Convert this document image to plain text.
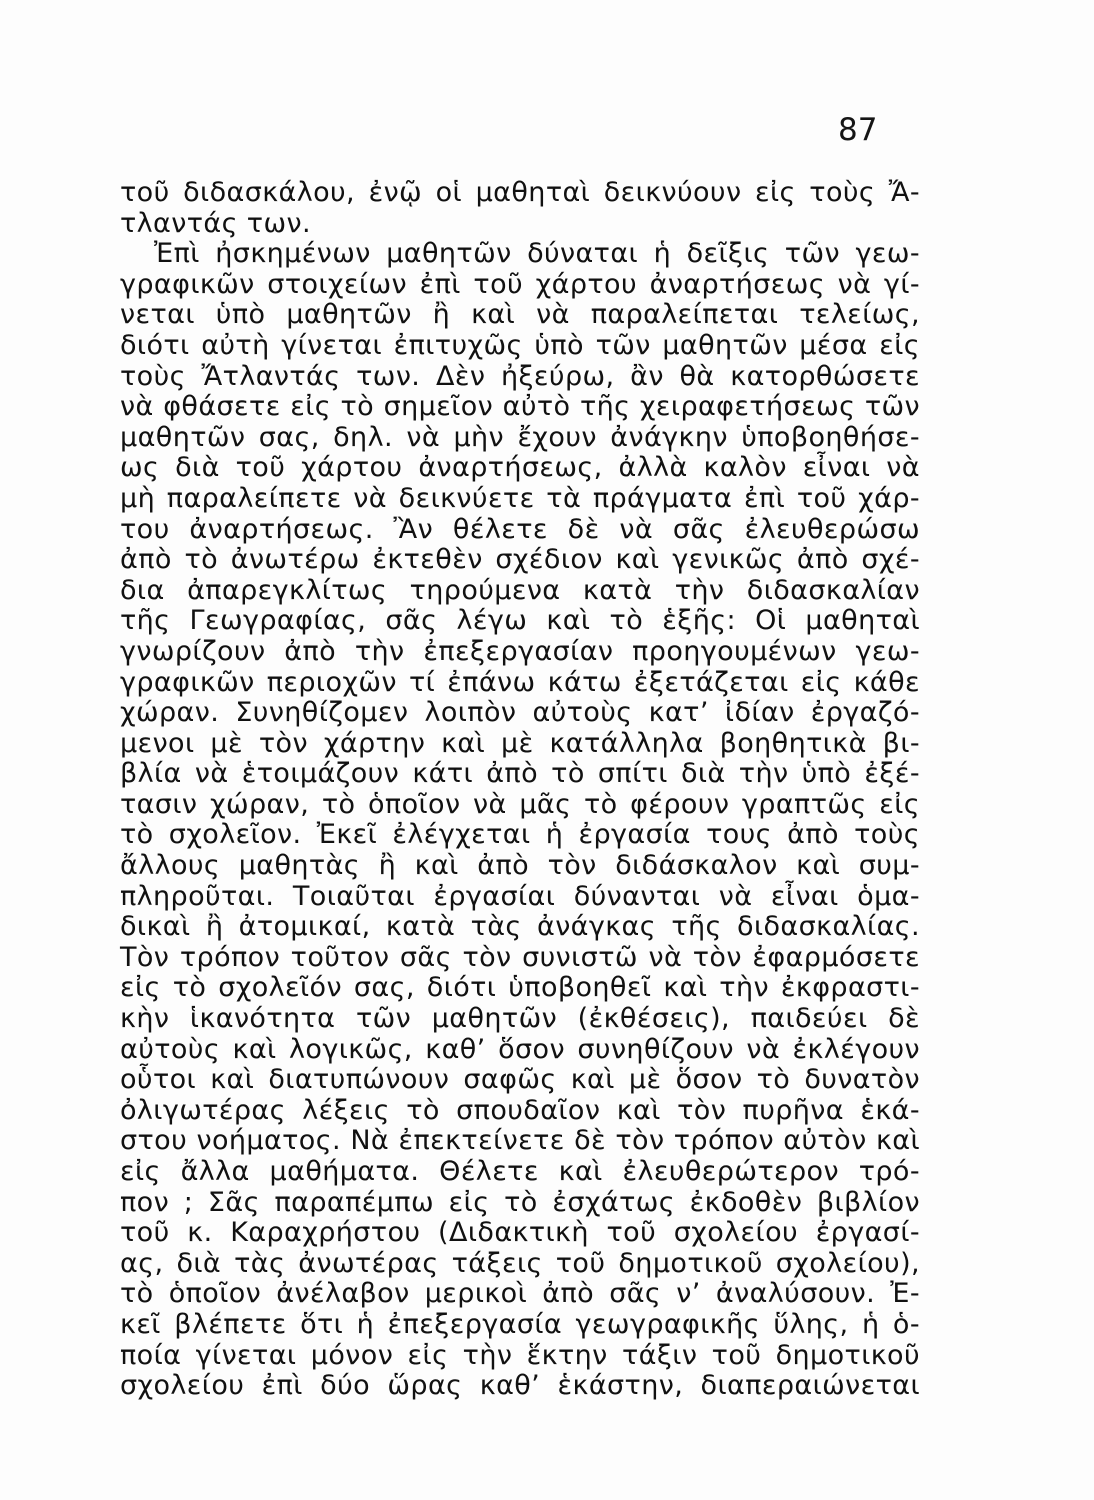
87
τοῦ διδασκάλου, ἐνῷ οἱ μαθηταὶ δεικνύουν εἰς τοὺς Ἄ-
τλαντάς των.
Ἐπὶ ἠσκημένων μαθητῶν δύναται ἡ δεῖξις τῶν γεω-
γραφικῶν στοιχείων ἐπὶ τοῦ χάρτου ἀναρτήσεως νὰ γί-
νεται ὑπὸ μαθητῶν ἢ καὶ νὰ παραλείπεται τελείως,
διότι αὐτὴ γίνεται ἐπιτυχῶς ὑπὸ τῶν μαθητῶν μέσα εἰς
τοὺς Ἄτλαντάς των. Δὲν ἠξεύρω, ἂν θὰ κατορθώσετε
νὰ φθάσετε εἰς τὸ σημεῖον αὐτὸ τῆς χειραφετήσεως τῶν
μαθητῶν σας, δηλ. νὰ μὴν ἔχουν ἀνάγκην ὑποβοηθήσε-
ως διὰ τοῦ χάρτου ἀναρτήσεως, ἀλλὰ καλὸν εἶναι νὰ
μὴ παραλείπετε νὰ δεικνύετε τὰ πράγματα ἐπὶ τοῦ χάρ-
του ἀναρτήσεως. Ἂν θέλετε δὲ νὰ σᾶς ἐλευθερώσω
ἀπὸ τὸ ἀνωτέρω ἐκτεθὲν σχέδιον καὶ γενικῶς ἀπὸ σχέ-
δια ἀπαρεγκλίτως τηρούμενα κατὰ τὴν διδασκαλίαν
τῆς Γεωγραφίας, σᾶς λέγω καὶ τὸ ἑξῆς: Οἱ μαθηταὶ
γνωρίζουν ἀπὸ τὴν ἐπεξεργασίαν προηγουμένων γεω-
γραφικῶν περιοχῶν τί ἐπάνω κάτω ἐξετάζεται εἰς κάθε
χώραν. Συνηθίζομεν λοιπὸν αὐτοὺς κατ’ ἰδίαν ἐργαζό-
μενοι μὲ τὸν χάρτην καὶ μὲ κατάλληλα βοηθητικὰ βι-
βλία νὰ ἑτοιμάζουν κάτι ἀπὸ τὸ σπίτι διὰ τὴν ὑπὸ ἐξέ-
τασιν χώραν, τὸ ὁποῖον νὰ μᾶς τὸ φέρουν γραπτῶς εἰς
τὸ σχολεῖον. Ἐκεῖ ἐλέγχεται ἡ ἐργασία τους ἀπὸ τοὺς
ἄλλους μαθητὰς ἢ καὶ ἀπὸ τὸν διδάσκαλον καὶ συμ-
πληροῦται. Τοιαῦται ἐργασίαι δύνανται νὰ εἶναι ὁμα-
δικαὶ ἢ ἀτομικαί, κατὰ τὰς ἀνάγκας τῆς διδασκαλίας.
Τὸν τρόπον τοῦτον σᾶς τὸν συνιστῶ νὰ τὸν ἐφαρμόσετε
εἰς τὸ σχολεῖόν σας, διότι ὑποβοηθεῖ καὶ τὴν ἐκφραστι-
κὴν ἱκανότητα τῶν μαθητῶν (ἐκθέσεις), παιδεύει δὲ
αὐτοὺς καὶ λογικῶς, καθ’ ὅσον συνηθίζουν νὰ ἐκλέγουν
οὗτοι καὶ διατυπώνουν σαφῶς καὶ μὲ ὅσον τὸ δυνατὸν
ὀλιγωτέρας λέξεις τὸ σπουδαῖον καὶ τὸν πυρῆνα ἑκά-
στου νοήματος. Νὰ ἐπεκτείνετε δὲ τὸν τρόπον αὐτὸν καὶ
εἰς ἄλλα μαθήματα. Θέλετε καὶ ἐλευθερώτερον τρό-
πον ; Σᾶς παραπέμπω εἰς τὸ ἐσχάτως ἐκδοθὲν βιβλίον
τοῦ κ. Καραχρήστου (Διδακτικὴ τοῦ σχολείου ἐργασί-
ας, διὰ τὰς ἀνωτέρας τάξεις τοῦ δημοτικοῦ σχολείου),
τὸ ὁποῖον ἀνέλαβον μερικοὶ ἀπὸ σᾶς ν’ ἀναλύσουν. Ἐ-
κεῖ βλέπετε ὅτι ἡ ἐπεξεργασία γεωγραφικῆς ὕλης, ἡ ὁ-
ποία γίνεται μόνον εἰς τὴν ἕκτην τάξιν τοῦ δημοτικοῦ
σχολείου ἐπὶ δύο ὥρας καθ’ ἑκάστην, διαπεραιώνεται
